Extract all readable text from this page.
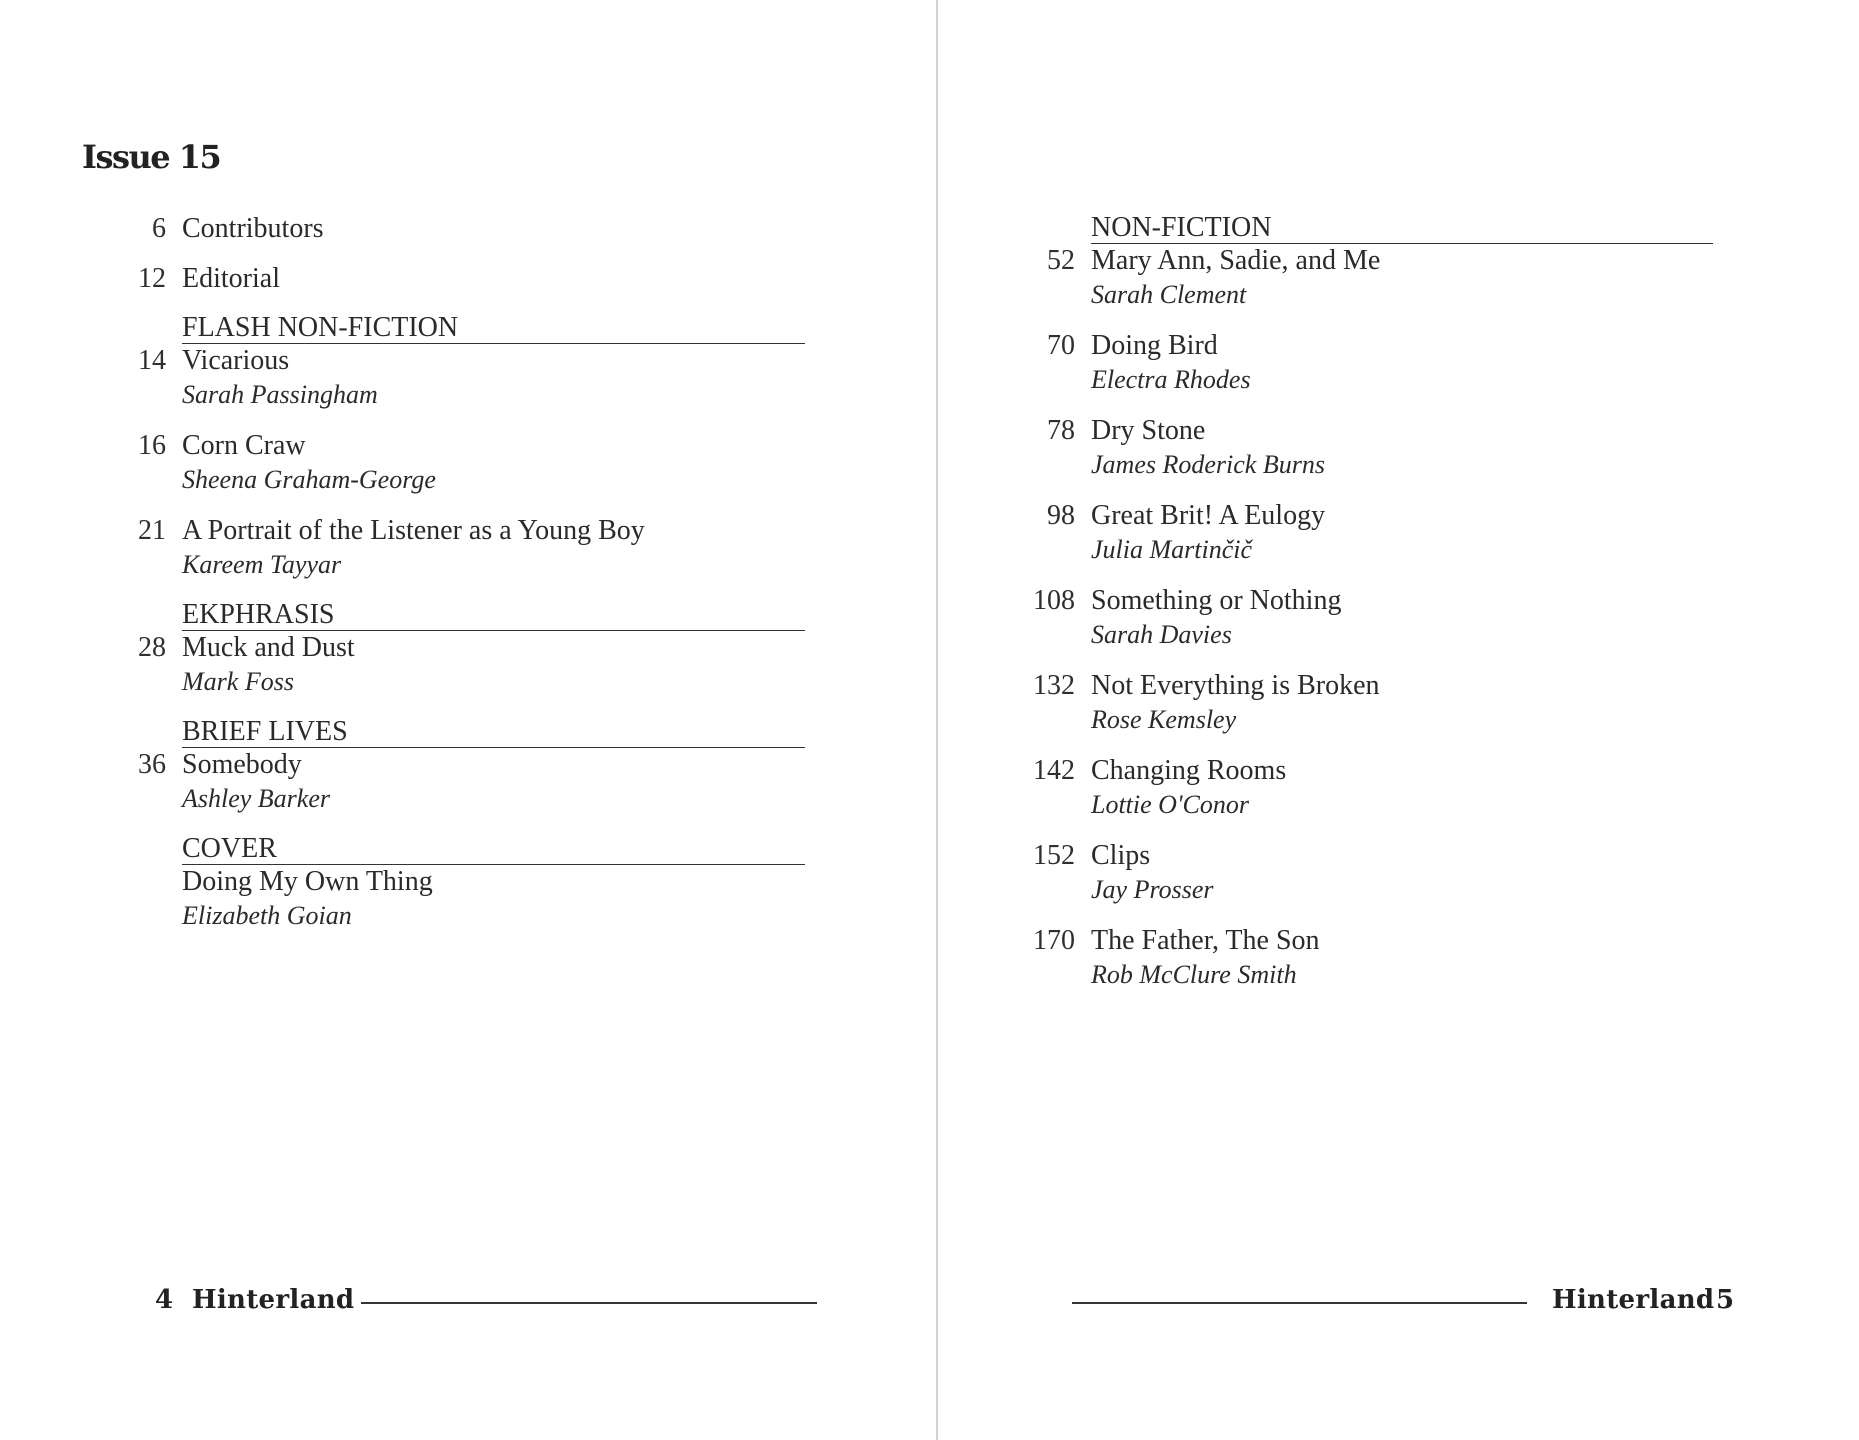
Issue 15
6 Contributors
12 Editorial
FLASH NON-FICTION
14 Vicarious
Sarah Passingham
16 Corn Craw
Sheena Graham-George
21 A Portrait of the Listener as a Young Boy
Kareem Tayyar
EKPHRASIS
28 Muck and Dust
Mark Foss
BRIEF LIVES
36 Somebody
Ashley Barker
COVER
Doing My Own Thing
Elizabeth Goian
4 Hinterland
NON-FICTION
52 Mary Ann, Sadie, and Me
Sarah Clement
70 Doing Bird
Electra Rhodes
78 Dry Stone
James Roderick Burns
98 Great Brit! A Eulogy
Julia Martinčič
108 Something or Nothing
Sarah Davies
132 Not Everything is Broken
Rose Kemsley
142 Changing Rooms
Lottie O'Conor
152 Clips
Jay Prosser
170 The Father, The Son
Rob McClure Smith
Hinterland 5
